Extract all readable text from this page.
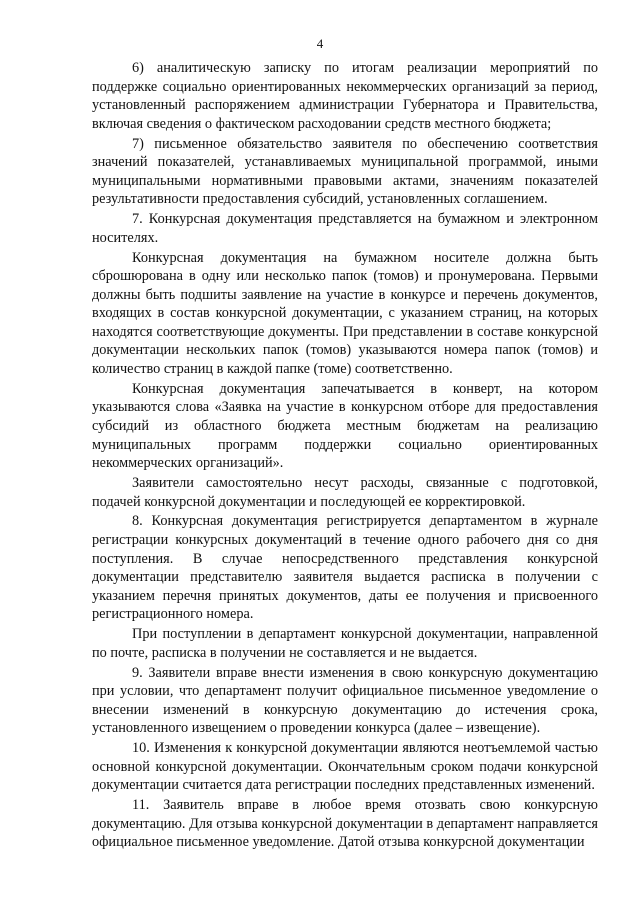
4

6) аналитическую записку по итогам реализации мероприятий по поддержке социально ориентированных некоммерческих организаций за период, установленный распоряжением администрации Губернатора и Правительства, включая сведения о фактическом расходовании средств местного бюджета;

7) письменное обязательство заявителя по обеспечению соответствия значений показателей, устанавливаемых муниципальной программой, иными муниципальными нормативными правовыми актами, значениям показателей результативности предоставления субсидий, установленных соглашением.

7. Конкурсная документация представляется на бумажном и электронном носителях.

Конкурсная документация на бумажном носителе должна быть сброшюрована в одну или несколько папок (томов) и пронумерована. Первыми должны быть подшиты заявление на участие в конкурсе и перечень документов, входящих в состав конкурсной документации, с указанием страниц, на которых находятся соответствующие документы. При представлении в составе конкурсной документации нескольких папок (томов) указываются номера папок (томов) и количество страниц в каждой папке (томе) соответственно.

Конкурсная документация запечатывается в конверт, на котором указываются слова «Заявка на участие в конкурсном отборе для предоставления субсидий из областного бюджета местным бюджетам на реализацию муниципальных программ поддержки социально ориентированных некоммерческих организаций».

Заявители самостоятельно несут расходы, связанные с подготовкой, подачей конкурсной документации и последующей ее корректировкой.

8. Конкурсная документация регистрируется департаментом в журнале регистрации конкурсных документаций в течение одного рабочего дня со дня поступления. В случае непосредственного представления конкурсной документации представителю заявителя выдается расписка в получении с указанием перечня принятых документов, даты ее получения и присвоенного регистрационного номера.

При поступлении в департамент конкурсной документации, направленной по почте, расписка в получении не составляется и не выдается.

9. Заявители вправе внести изменения в свою конкурсную документацию при условии, что департамент получит официальное письменное уведомление о внесении изменений в конкурсную документацию до истечения срока, установленного извещением о проведении конкурса (далее – извещение).

10. Изменения к конкурсной документации являются неотъемлемой частью основной конкурсной документации. Окончательным сроком подачи конкурсной документации считается дата регистрации последних представленных изменений.

11. Заявитель вправе в любое время отозвать свою конкурсную документацию. Для отзыва конкурсной документации в департамент направляется официальное письменное уведомление. Датой отзыва конкурсной документации
